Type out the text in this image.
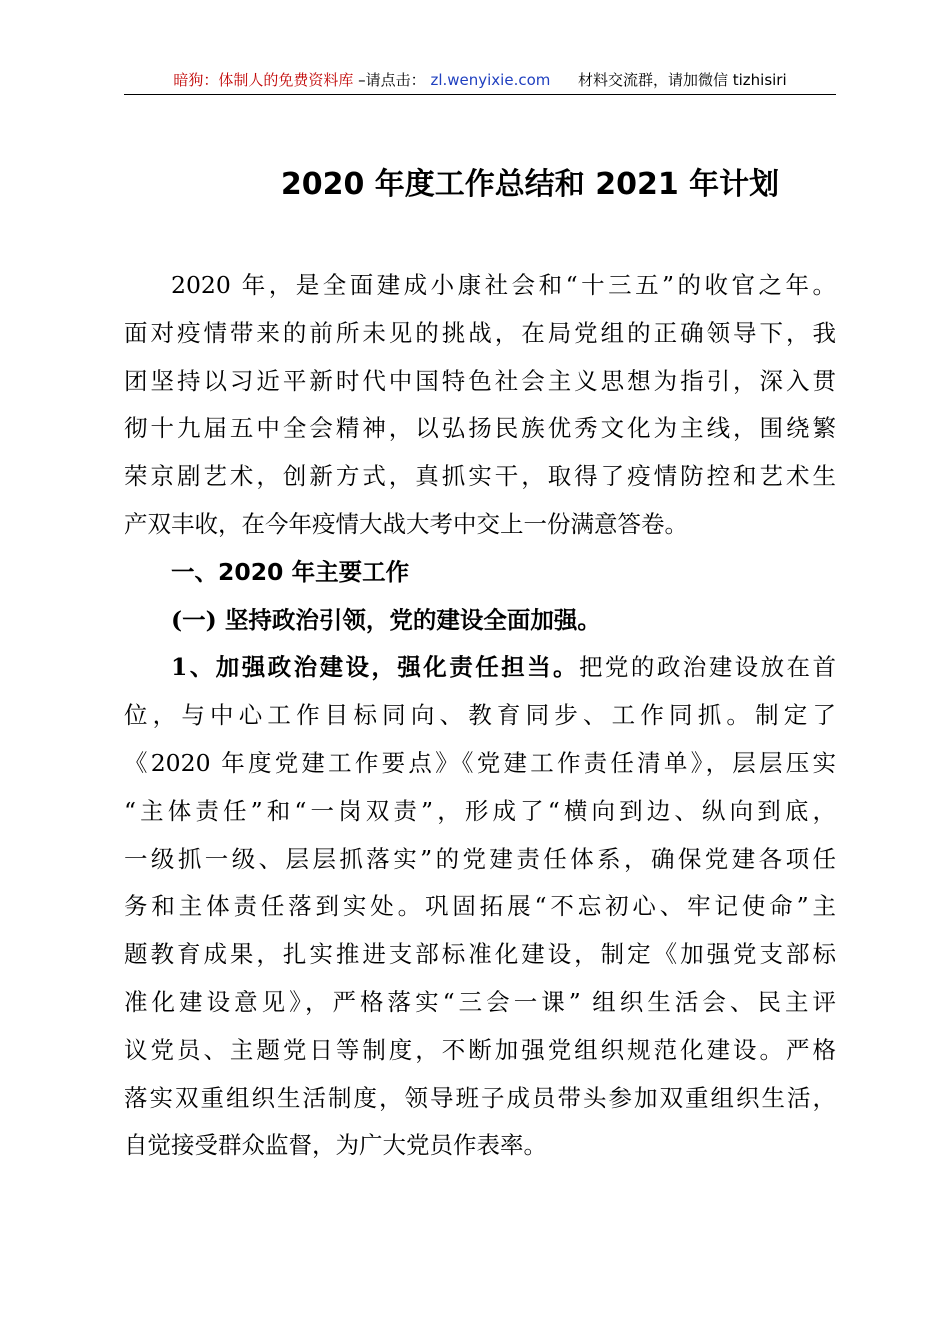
暗狗：体制人的免费资料库 –请点击： zl.wenyixie.com 材料交流群，请加微信 tizhisiri
2020 年度工作总结和 2021 年计划
2020 年，是全面建成小康社会和“十三五”的收官之年。
面对疫情带来的前所未见的挑战，在局党组的正确领导下，我
团坚持以习近平新时代中国特色社会主义思想为指引，深入贯
彻十九届五中全会精神，以弘扬民族优秀文化为主线，围绕繁
荣京剧艺术，创新方式，真抓实干，取得了疫情防控和艺术生
产双丰收，在今年疫情大战大考中交上一份满意答卷。
一、2020 年主要工作
(一) 坚持政治引领，党的建设全面加强。
1、加强政治建设，强化责任担当。把党的政治建设放在首
位，与中心工作目标同向、教育同步、工作同抓。制定了
《2020 年度党建工作要点》《党建工作责任清单》，层层压实
“主体责任”和“一岗双责”，形成了“横向到边、纵向到底，
一级抓一级、层层抓落实”的党建责任体系，确保党建各项任
务和主体责任落到实处。巩固拓展“不忘初心、牢记使命”主
题教育成果，扎实推进支部标准化建设，制定《加强党支部标
准化建设意见》，严格落实“三会一课” 组织生活会、民主评
议党员、主题党日等制度，不断加强党组织规范化建设。严格
落实双重组织生活制度，领导班子成员带头参加双重组织生活，
自觉接受群众监督，为广大党员作表率。
